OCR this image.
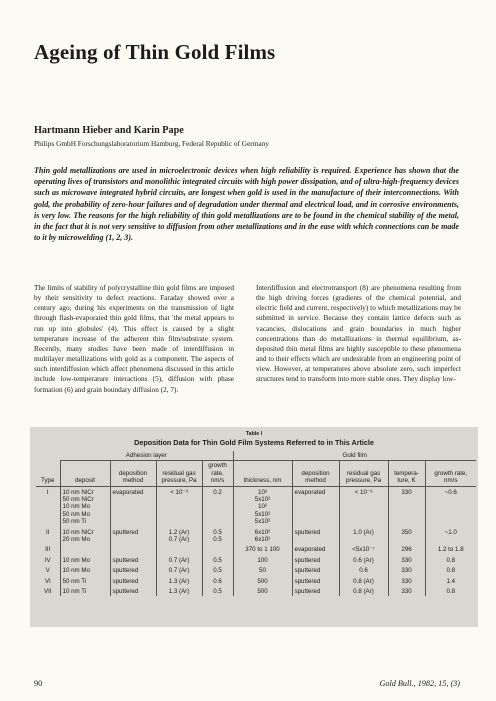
Ageing of Thin Gold Films
Hartmann Hieber and Karin Pape
Philips GmbH Forschungslaboratorium Hamburg, Federal Republic of Germany
Thin gold metallizations are used in microelectronic devices when high reliability is required. Experience has shown that the operating lives of transistors and monolithic integrated circuits with high power dissipation, and of ultra-high-frequency devices such as microwave integrated hybrid circuits, are longest when gold is used in the manufacture of their interconnections. With gold, the probability of zero-hour failures and of degradation under thermal and electrical load, and in corrosive environments, is very low. The reasons for the high reliability of thin gold metallizations are to be found in the chemical stability of the metal, in the fact that it is not very sensitive to diffusion from other metallizations and in the ease with which connections can be made to it by microwelding (1, 2, 3).
The limits of stability of polycrystalline thin gold films are imposed by their sensitivity to defect reactions. Faraday showed over a century ago, during his experiments on the transmission of light through flash-evaporated thin gold films, that 'the metal appears to run up into globules' (4). This effect is caused by a slight temperature increase of the adherent thin film/substrate system. Recently, many studies have been made of interdiffusion in multilayer metallizations with gold as a component. The aspects of such interdiffusion which affect phenomena discussed in this article include low-temperature interactions (5), diffusion with phase formation (6) and grain boundary diffusion (2, 7).
Interdiffusion and electrotransport (8) are phenomena resulting from the high driving forces (gradients of the chemical potential, and electric field and current, respectively) to which metallizations may be submitted in service. Because they contain lattice defects such as vacancies, dislocations and grain boundaries in much higher concentrations than do metallizations in thermal equilibrium, as-deposited thin metal films are highly susceptible to these phenomena and to their effects which are undesirable from an engineering point of view. However, at temperatures above absolute zero, such imperfect structures tend to transform into more stable ones. They display low-
Table I
Deposition Data for Thin Gold Film Systems Referred to in This Article
	Adhesion layer				Gold film				
Type	deposit	deposition method	residual gas pressure, Pa	growth rate, nm/s	thickness, nm	deposition method	residual gas pressure, Pa	tempera-ture, K	growth rate, nm/s
I	10 nm NiCr	evaporated	< 10⁻³	0.2	10³	evaporated	< 10⁻³	330	~0.6
	50 nm NiCr				5x10²				
	10 nm Mo				10²				
	50 nm Mo				5x10²				
	50 nm Ti				5x10²				
II	10 nm NiCr	sputtered	1.2 (Ar)	0.5	6x10²	sputtered	1.0 (Ar)	350	~1.0
	20 nm Mo		0.7 (Ar)	0.5	6x10²				
III					370 to 1 100	evaporated	<5x10⁻⁷	296	1.2 to 1.8
IV	10 nm Mo	sputtered	0.7 (Ar)	0.5	100	sputtered	0.6 (Ar)	330	0.8
V	10 nm Mo	sputtered	0.7 (Ar)	0.5	50	sputtered	0.6	330	0.8
VI	50 nm Ti	sputtered	1.3 (Ar)	0.6	500	sputtered	0.8 (Ar)	330	1.4
VII	10 nm Ti	sputtered	1.3 (Ar)	0.5	500	sputtered	0.8 (Ar)	330	0.8
90	Gold Bull., 1982, 15, (3)
